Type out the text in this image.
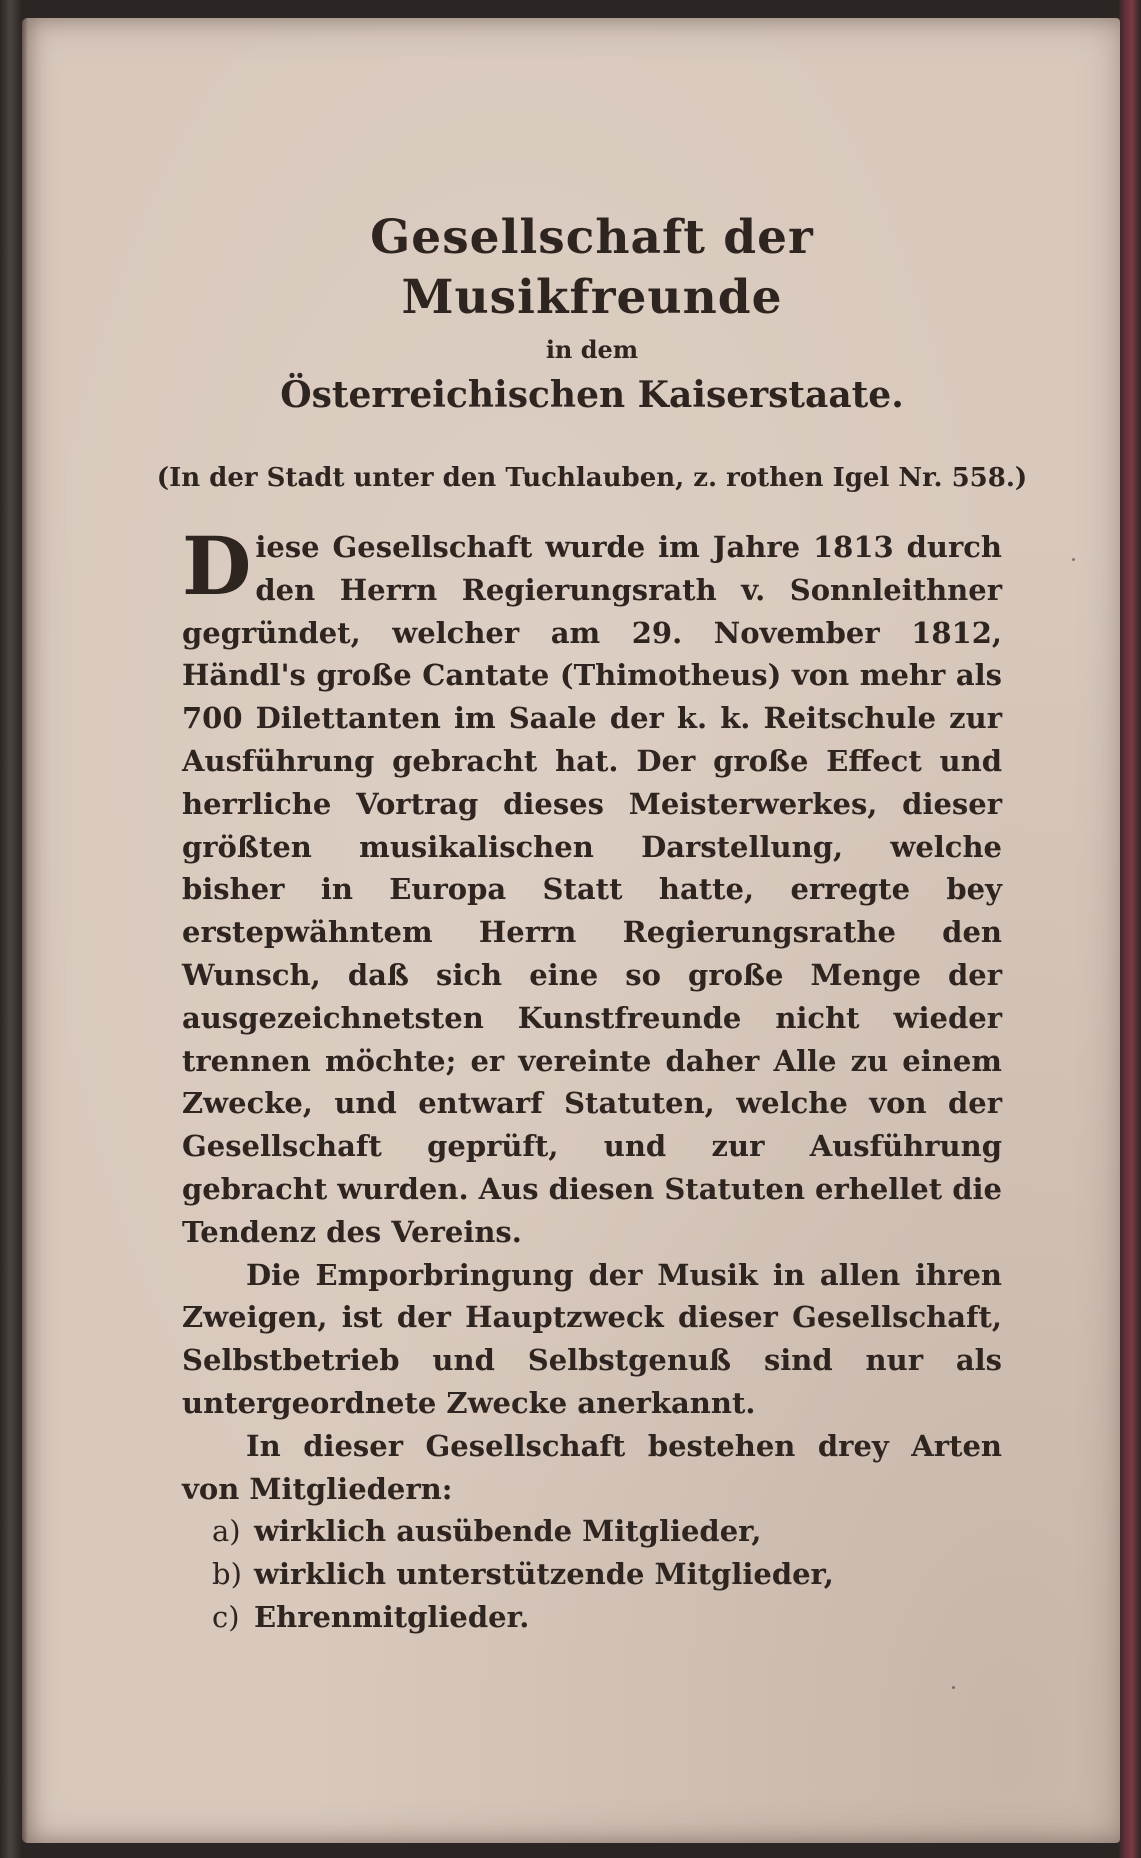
Gesellschaft der Musikfreunde
in dem
Österreichischen Kaiserstaate.
(In der Stadt unter den Tuchlauben, z. rothen Igel Nr. 558.)

Diese Gesellschaft wurde im Jahre 1813 durch den Herrn Regierungsrath v. Sonnleithner gegründet, welcher am 29. November 1812, Händl's große Cantate (Thimotheus) von mehr als 700 Dilettanten im Saale der k. k. Reitschule zur Ausführung gebracht hat. Der große Effect und herrliche Vortrag dieses Meisterwerkes, dieser größten musikalischen Darstellung, welche bisher in Europa Statt hatte, erregte bey erstерwähntem Herrn Regierungsrathe den Wunsch, daß sich eine so große Menge der ausgezeichnetsten Kunstfreunde nicht wieder trennen möchte; er vereinte daher Alle zu einem Zwecke, und entwarf Statuten, welche von der Gesellschaft geprüft, und zur Ausführung gebracht wurden. Aus diesen Statuten erhellet die Tendenz des Vereins.

Die Emporbringung der Musik in allen ihren Zweigen, ist der Hauptzweck dieser Gesellschaft, Selbstbetrieb und Selbstgenuß sind nur als untergeordnete Zwecke anerkannt.

In dieser Gesellschaft bestehen drey Arten von Mitgliedern:

a) wirklich ausübende Mitglieder,
b) wirklich unterstützende Mitglieder,
c) Ehrenmitglieder.
